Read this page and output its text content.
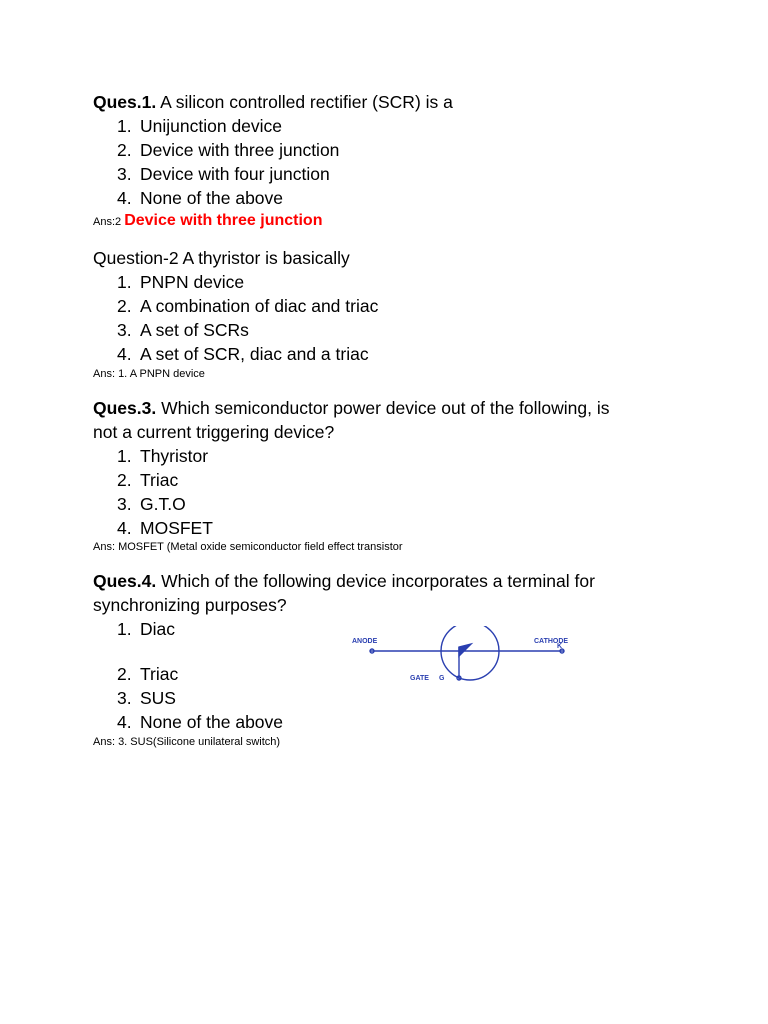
Ques.1. A silicon controlled rectifier (SCR) is a
1. Unijunction device
2. Device with three junction
3. Device with four junction
4. None of the above
Ans:2 Device with three junction
Question-2 A thyristor is basically
1. PNPN device
2. A combination of diac and triac
3. A set of SCRs
4. A set of SCR, diac and a triac
Ans: 1. A PNPN device
Ques.3. Which semiconductor power device out of the following, is
not a current triggering device?
1. Thyristor
2. Triac
3. G.T.O
4. MOSFET
Ans: MOSFET (Metal oxide semiconductor field effect transistor
Ques.4. Which of the following device incorporates a terminal for
synchronizing purposes?
1. Diac
2. Triac
3. SUS
4. None of the above
Ans: 3. SUS(Silicone unilateral switch)
ANODE	CATHODE
K
GATE G
